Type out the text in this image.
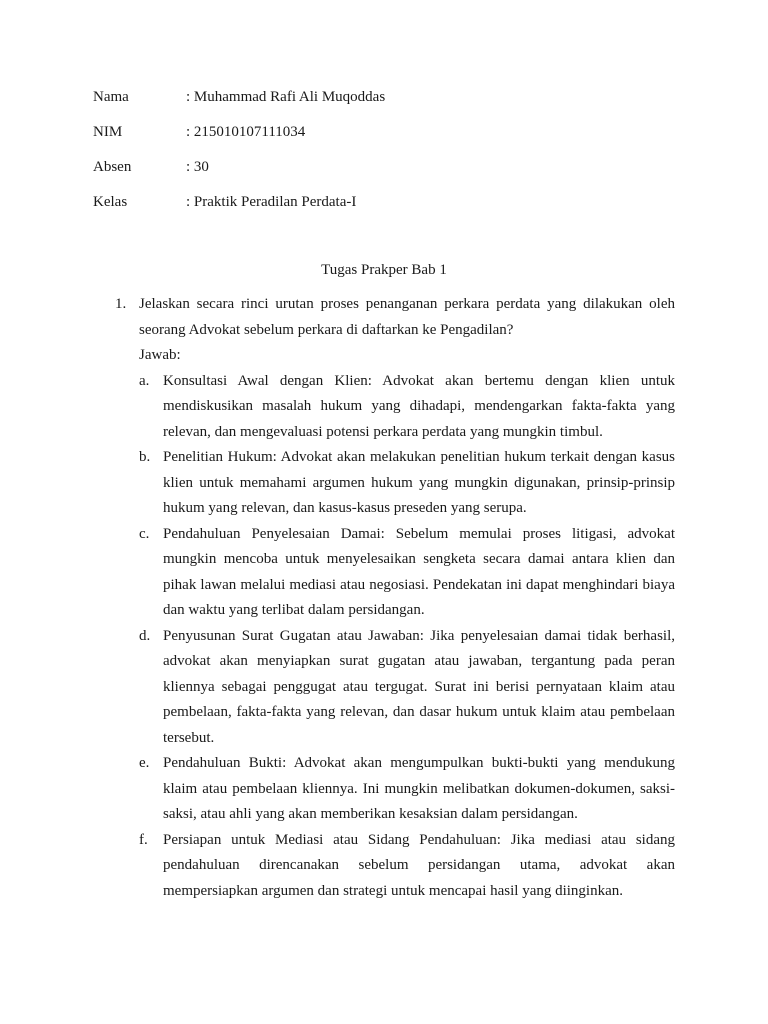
Nama	: Muhammad Rafi Ali Muqoddas
NIM	: 215010107111034
Absen	: 30
Kelas	: Praktik Peradilan Perdata-I
Tugas Prakper Bab 1
1. Jelaskan secara rinci urutan proses penanganan perkara perdata yang dilakukan oleh seorang Advokat sebelum perkara di daftarkan ke Pengadilan?
Jawab:
a. Konsultasi Awal dengan Klien: Advokat akan bertemu dengan klien untuk mendiskusikan masalah hukum yang dihadapi, mendengarkan fakta-fakta yang relevan, dan mengevaluasi potensi perkara perdata yang mungkin timbul.
b. Penelitian Hukum: Advokat akan melakukan penelitian hukum terkait dengan kasus klien untuk memahami argumen hukum yang mungkin digunakan, prinsip-prinsip hukum yang relevan, dan kasus-kasus preseden yang serupa.
c. Pendahuluan Penyelesaian Damai: Sebelum memulai proses litigasi, advokat mungkin mencoba untuk menyelesaikan sengketa secara damai antara klien dan pihak lawan melalui mediasi atau negosiasi. Pendekatan ini dapat menghindari biaya dan waktu yang terlibat dalam persidangan.
d. Penyusunan Surat Gugatan atau Jawaban: Jika penyelesaian damai tidak berhasil, advokat akan menyiapkan surat gugatan atau jawaban, tergantung pada peran kliennya sebagai penggugat atau tergugat. Surat ini berisi pernyataan klaim atau pembelaan, fakta-fakta yang relevan, dan dasar hukum untuk klaim atau pembelaan tersebut.
e. Pendahuluan Bukti: Advokat akan mengumpulkan bukti-bukti yang mendukung klaim atau pembelaan kliennya. Ini mungkin melibatkan dokumen-dokumen, saksi-saksi, atau ahli yang akan memberikan kesaksian dalam persidangan.
f. Persiapan untuk Mediasi atau Sidang Pendahuluan: Jika mediasi atau sidang pendahuluan direncanakan sebelum persidangan utama, advokat akan mempersiapkan argumen dan strategi untuk mencapai hasil yang diinginkan.
